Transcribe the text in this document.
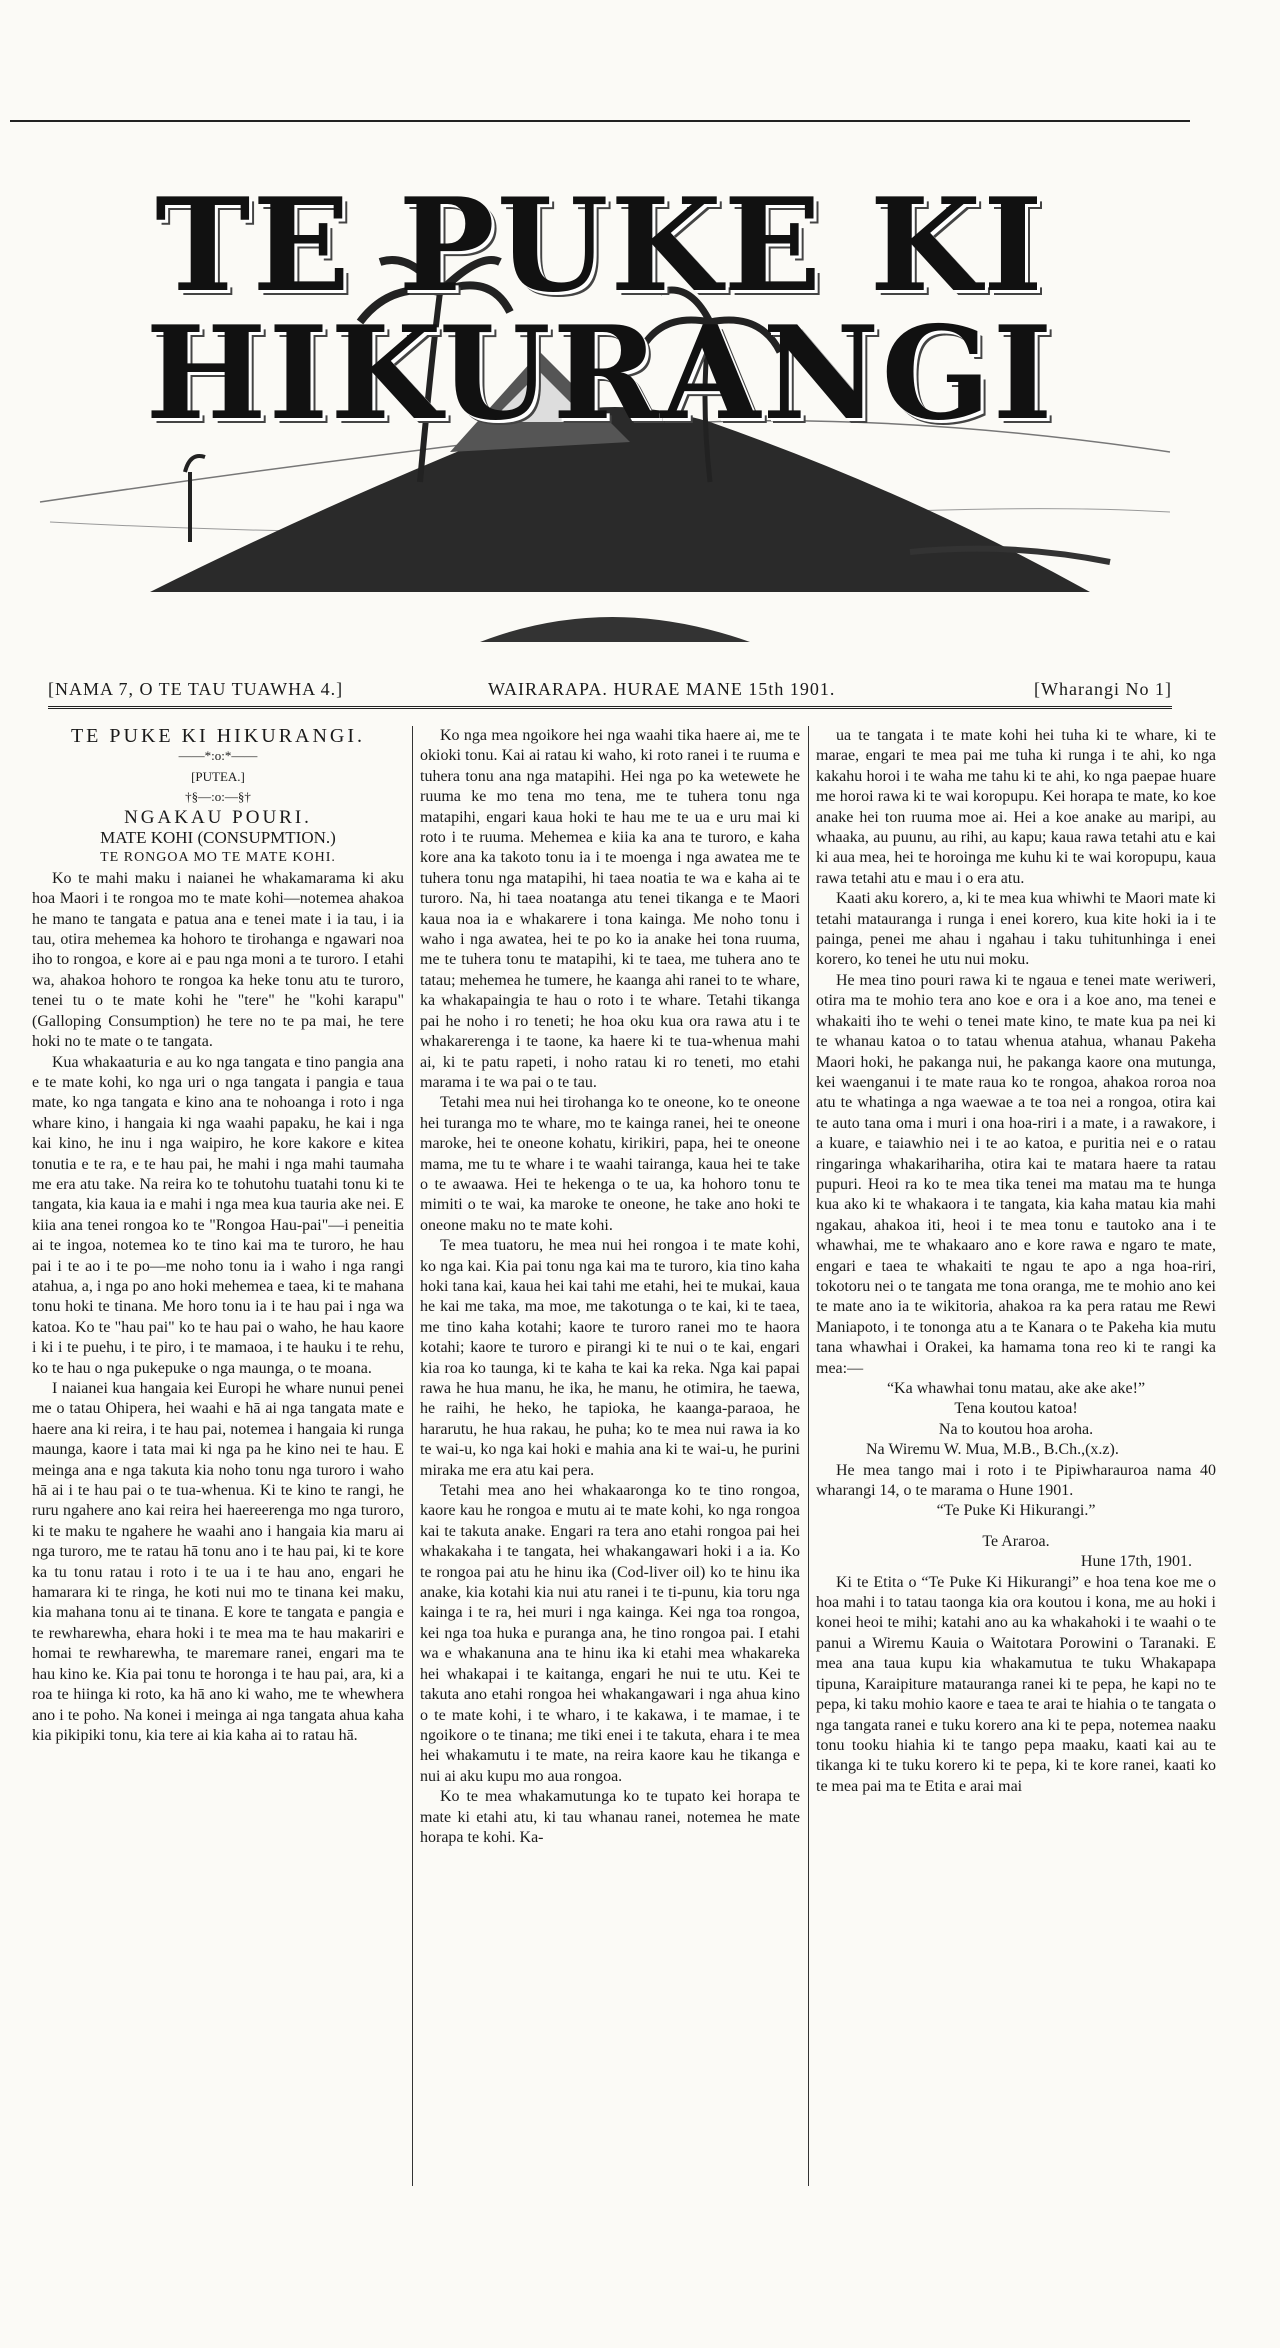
TE PUKE KI HIKURANGI
[NAMA 7, O TE TAU TUAWHA 4.]	WAIRARAPA. HURAE MANE 15th 1901.	[Wharangi No 1]

TE PUKE KI HIKURANGI.

——*:o:*——

[PUTEA.]

†§—:o:—§†

NGAKAU POURI.

MATE KOHI (CONSUPMTION.)

TE RONGOA MO TE MATE KOHI.

Ko te mahi maku i naianei he whakamarama ki aku hoa Maori i te rongoa mo te mate kohi—notemea ahakoa he mano te tangata e patua ana e tenei mate i ia tau, i ia tau, otira mehemea ka hohoro te tirohanga e ngawari noa iho to rongoa, e kore ai e pau nga moni a te turoro. I etahi wa, ahakoa hohoro te rongoa ka heke tonu atu te turoro, tenei tu o te mate kohi he "tere" he "kohi karapu" (Galloping Consumption) he tere no te pa mai, he tere hoki no te mate o te tangata.

Kua whakaaturia e au ko nga tangata e tino pangia ana e te mate kohi, ko nga uri o nga tangata i pangia e taua mate, ko nga tangata e kino ana te nohoanga i roto i nga whare kino, i hangaia ki nga waahi papaku, he kai i nga kai kino, he inu i nga waipiro, he kore kakore e kitea tonutia e te ra, e te hau pai, he mahi i nga mahi taumaha me era atu take. Na reira ko te tohutohu tuatahi tonu ki te tangata, kia kaua ia e mahi i nga mea kua tauria ake nei. E kiia ana tenei rongoa ko te "Rongoa Hau-pai"—i peneitia ai te ingoa, notemea ko te tino kai ma te turoro, he hau pai i te ao i te po—me noho tonu ia i waho i nga rangi atahua, a, i nga po ano hoki mehemea e taea, ki te mahana tonu hoki te tinana. Me horo tonu ia i te hau pai i nga wa katoa. Ko te "hau pai" ko te hau pai o waho, he hau kaore i ki i te puehu, i te piro, i te mamaoa, i te hauku i te rehu, ko te hau o nga pukepuke o nga maunga, o te moana.

I naianei kua hangaia kei Europi he whare nunui penei me o tatau Ohipera, hei waahi e hā ai nga tangata mate e haere ana ki reira, i te hau pai, notemea i hangaia ki runga maunga, kaore i tata mai ki nga pa he kino nei te hau. E meinga ana e nga takuta kia noho tonu nga turoro i waho hā ai i te hau pai o te tua-whenua. Ki te kino te rangi, he ruru ngahere ano kai reira hei haereerenga mo nga turoro, ki te maku te ngahere he waahi ano i hangaia kia maru ai nga turoro, me te ratau hā tonu ano i te hau pai, ki te kore ka tu tonu ratau i roto i te ua i te hau ano, engari he hamarara ki te ringa, he koti nui mo te tinana kei maku, kia mahana tonu ai te tinana. E kore te tangata e pangia e te rewharewha, ehara hoki i te mea ma te hau makariri e homai te rewharewha, te maremare ranei, engari ma te hau kino ke. Kia pai tonu te horonga i te hau pai, ara, ki a roa te hiinga ki roto, ka hā ano ki waho, me te whewhera ano i te poho. Na konei i meinga ai nga tangata ahua kaha kia pikipiki tonu, kia tere ai kia kaha ai to ratau hā.

Ko nga mea ngoikore hei nga waahi tika haere ai, me te okioki tonu. Kai ai ratau ki waho, ki roto ranei i te ruuma e tuhera tonu ana nga matapihi. Hei nga po ka wetewete he ruuma ke mo tena mo tena, me te tuhera tonu nga matapihi, engari kaua hoki te hau me te ua e uru mai ki roto i te ruuma. Mehemea e kiia ka ana te turoro, e kaha kore ana ka takoto tonu ia i te moenga i nga awatea me te tuhera tonu nga matapihi, hi taea noatia te wa e kaha ai te turoro. Na, hi taea noatanga atu tenei tikanga e te Maori kaua noa ia e whakarere i tona kainga. Me noho tonu i waho i nga awatea, hei te po ko ia anake hei tona ruuma, me te tuhera tonu te matapihi, ki te taea, me tuhera ano te tatau; mehemea he tumere, he kaanga ahi ranei to te whare, ka whakapaingia te hau o roto i te whare. Tetahi tikanga pai he noho i ro teneti; he hoa oku kua ora rawa atu i te whakarerenga i te taone, ka haere ki te tua-whenua mahi ai, ki te patu rapeti, i noho ratau ki ro teneti, mo etahi marama i te wa pai o te tau.

Tetahi mea nui hei tirohanga ko te oneone, ko te oneone hei turanga mo te whare, mo te kainga ranei, hei te oneone maroke, hei te oneone kohatu, kirikiri, papa, hei te oneone mama, me tu te whare i te waahi tairanga, kaua hei te take o te awaawa. Hei te hekenga o te ua, ka hohoro tonu te mimiti o te wai, ka maroke te oneone, he take ano hoki te oneone maku no te mate kohi.

Te mea tuatoru, he mea nui hei rongoa i te mate kohi, ko nga kai. Kia pai tonu nga kai ma te turoro, kia tino kaha hoki tana kai, kaua hei kai tahi me etahi, hei te mukai, kaua he kai me taka, ma moe, me takotunga o te kai, ki te taea, me tino kaha kotahi; kaore te turoro ranei mo te haora kotahi; kaore te turoro e pirangi ki te nui o te kai, engari kia roa ko taunga, ki te kaha te kai ka reka. Nga kai papai rawa he hua manu, he ika, he manu, he otimira, he taewa, he raihi, he heko, he tapioka, he kaanga-paraoa, he hararutu, he hua rakau, he puha; ko te mea nui rawa ia ko te wai-u, ko nga kai hoki e mahia ana ki te wai-u, he purini miraka me era atu kai pera.

Tetahi mea ano hei whakaaronga ko te tino rongoa, kaore kau he rongoa e mutu ai te mate kohi, ko nga rongoa kai te takuta anake. Engari ra tera ano etahi rongoa pai hei whakakaha i te tangata, hei whakangawari hoki i a ia. Ko te rongoa pai atu he hinu ika (Cod-liver oil) ko te hinu ika anake, kia kotahi kia nui atu ranei i te ti-punu, kia toru nga kainga i te ra, hei muri i nga kainga. Kei nga toa rongoa, kei nga toa huka e puranga ana, he tino rongoa pai. I etahi wa e whakanuna ana te hinu ika ki etahi mea whakareka hei whakapai i te kaitanga, engari he nui te utu. Kei te takuta ano etahi rongoa hei whakangawari i nga ahua kino o te mate kohi, i te wharo, i te kakawa, i te mamae, i te ngoikore o te tinana; me tiki enei i te takuta, ehara i te mea hei whakamutu i te mate, na reira kaore kau he tikanga e nui ai aku kupu mo aua rongoa.

Ko te mea whakamutunga ko te tupato kei horapa te mate ki etahi atu, ki tau whanau ranei, notemea he mate horapa te kohi. Ka-

ua te tangata i te mate kohi hei tuha ki te whare, ki te marae, engari te mea pai me tuha ki runga i te ahi, ko nga kakahu horoi i te waha me tahu ki te ahi, ko nga paepae huare me horoi rawa ki te wai koropupu. Kei horapa te mate, ko koe anake hei ton ruuma moe ai. Hei a koe anake au maripi, au whaaka, au puunu, au rihi, au kapu; kaua rawa tetahi atu e kai ki aua mea, hei te horoinga me kuhu ki te wai koropupu, kaua rawa tetahi atu e mau i o era atu.

Kaati aku korero, a, ki te mea kua whiwhi te Maori mate ki tetahi matauranga i runga i enei korero, kua kite hoki ia i te painga, penei me ahau i ngahau i taku tuhitunhinga i enei korero, ko tenei he utu nui moku.

He mea tino pouri rawa ki te ngaua e tenei mate weriweri, otira ma te mohio tera ano koe e ora i a koe ano, ma tenei e whakaiti iho te wehi o tenei mate kino, te mate kua pa nei ki te whanau katoa o to tatau whenua atahua, whanau Pakeha Maori hoki, he pakanga nui, he pakanga kaore ona mutunga, kei waenganui i te mate raua ko te rongoa, ahakoa roroa noa atu te whatinga a nga waewae a te toa nei a rongoa, otira kai te auto tana oma i muri i ona hoa-riri i a mate, i a rawakore, i a kuare, e taiawhio nei i te ao katoa, e puritia nei e o ratau ringaringa whakarihariha, otira kai te matara haere ta ratau pupuri. Heoi ra ko te mea tika tenei ma matau ma te hunga kua ako ki te whakaora i te tangata, kia kaha matau kia mahi ngakau, ahakoa iti, heoi i te mea tonu e tautoko ana i te whawhai, me te whakaaro ano e kore rawa e ngaro te mate, engari e taea te whakaiti te ngau te apo a nga hoa-riri, tokotoru nei o te tangata me tona oranga, me te mohio ano kei te mate ano ia te wikitoria, ahakoa ra ka pera ratau me Rewi Maniapoto, i te tononga atu a te Kanara o te Pakeha kia mutu tana whawhai i Orakei, ka hamama tona reo ki te rangi ka mea:—

“Ka whawhai tonu matau, ake ake ake!”

Tena koutou katoa!

Na to koutou hoa aroha.

Na Wiremu W. Mua, M.B., B.Ch.,(x.z).

He mea tango mai i roto i te Pipiwharauroa nama 40 wharangi 14, o te marama o Hune 1901.

“Te Puke Ki Hikurangi.”

Te Araroa.

Hune 17th, 1901.

Ki te Etita o “Te Puke Ki Hikurangi” e hoa tena koe me o hoa mahi i to tatau taonga kia ora koutou i kona, me au hoki i konei heoi te mihi; katahi ano au ka whakahoki i te waahi o te panui a Wiremu Kauia o Waitotara Porowini o Taranaki. E mea ana taua kupu kia whakamutua te tuku Whakapapa tipuna, Karaipiture matauranga ranei ki te pepa, he kapi no te pepa, ki taku mohio kaore e taea te arai te hiahia o te tangata o nga tangata ranei e tuku korero ana ki te pepa, notemea naaku tonu tooku hiahia ki te tango pepa maaku, kaati kai au te tikanga ki te tuku korero ki te pepa, ki te kore ranei, kaati ko te mea pai ma te Etita e arai mai
